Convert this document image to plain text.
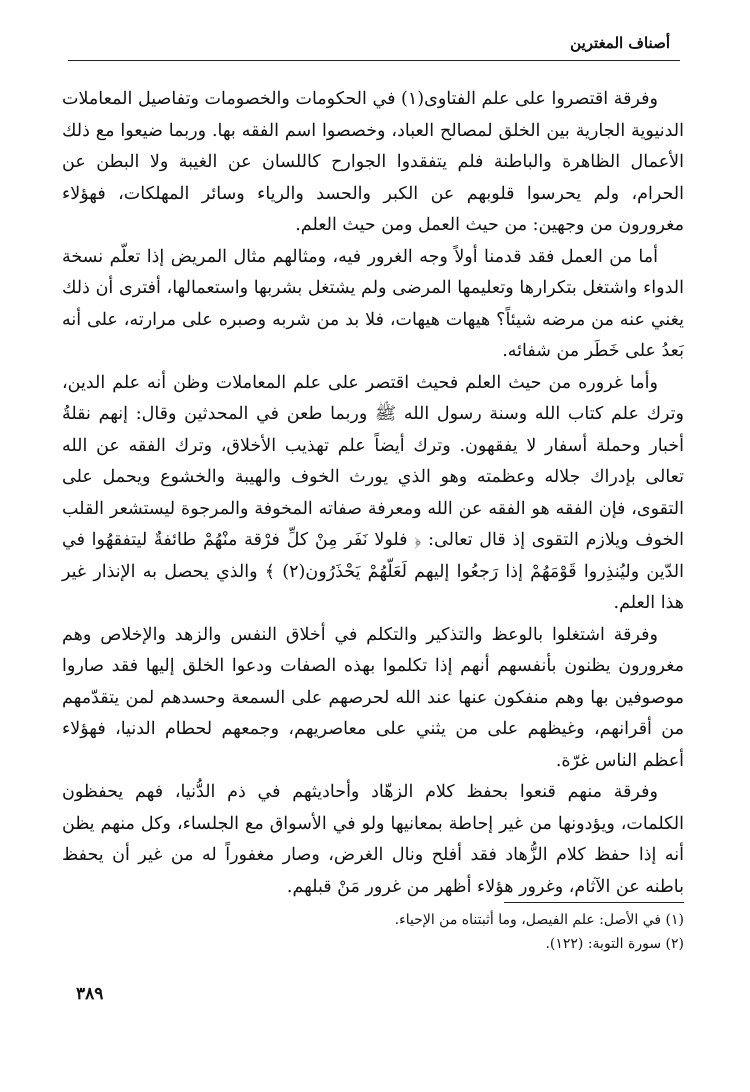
أصناف المغترين

وفرقة اقتصروا على علم الفتاوى(١) في الحكومات والخصومات وتفاصيل المعاملات الدنيوية الجارية بين الخلق لمصالح العباد، وخصصوا اسم الفقه بها. وربما ضيعوا مع ذلك الأعمال الظاهرة والباطنة فلم يتفقدوا الجوارح كاللسان عن الغيبة ولا البطن عن الحرام، ولم يحرسوا قلوبهم عن الكبر والحسد والرياء وسائر المهلكات، فهؤلاء مغرورون من وجهين: من حيث العمل ومن حيث العلم.

أما من العمل فقد قدمنا أولاً وجه الغرور فيه، ومثالهم مثال المريض إذا تعلّم نسخة الدواء واشتغل بتكرارها وتعليمها المرضى ولم يشتغل بشربها واستعمالها، أفترى أن ذلك يغني عنه من مرضه شيئاً؟ هيهات هيهات، فلا بد من شربه وصبره على مرارته، على أنه بَعدُ على خَطَر من شفائه.

وأما غروره من حيث العلم فحيث اقتصر على علم المعاملات وظن أنه علم الدين، وترك علم كتاب الله وسنة رسول الله ﷺ وربما طعن في المحدثين وقال: إنهم نقلةُ أخبار وحملة أسفار لا يفقهون. وترك أيضاً علم تهذيب الأخلاق، وترك الفقه عن الله تعالى بإدراك جلاله وعظمته وهو الذي يورث الخوف والهيبة والخشوع ويحمل على التقوى، فإن الفقه هو الفقه عن الله ومعرفة صفاته المخوفة والمرجوة ليستشعر القلب الخوف ويلازم التقوى إذ قال تعالى: ﴿ فلولا نَفَر مِنْ كلِّ فرْقة منْهُمْ طائفةٌ ليتفقهُوا في الدّين وليُنذِروا قَوْمَهُمْ إذا رَجعُوا إليهم لَعَلّهُمْ يَحْذَرُون(٢) ﴾ والذي يحصل به الإنذار غير هذا العلم.

وفرقة اشتغلوا بالوعظ والتذكير والتكلم في أخلاق النفس والزهد والإخلاص وهم مغرورون يظنون بأنفسهم أنهم إذا تكلموا بهذه الصفات ودعوا الخلق إليها فقد صاروا موصوفين بها وهم منفكون عنها عند الله لحرصهم على السمعة وحسدهم لمن يتقدّمهم من أقرانهم، وغيظهم على من يثني على معاصريهم، وجمعهم لحطام الدنيا، فهؤلاء أعظم الناس غرّة.

وفرقة منهم قنعوا بحفظ كلام الزهّاد وأحاديثهم في ذم الدُّنيا، فهم يحفظون الكلمات، ويؤدونها من غير إحاطة بمعانيها ولو في الأسواق مع الجلساء، وكل منهم يظن أنه إذا حفظ كلام الزُّهاد فقد أفلح ونال الغرض، وصار مغفوراً له من غير أن يحفظ باطنه عن الآثام، وغرور هؤلاء أظهر من غرور مَنْ قبلهم.

(١) في الأصل: علم الفيصل، وما أثبتناه من الإحياء.
(٢) سورة التوبة: (١٢٢).
٣٨٩
